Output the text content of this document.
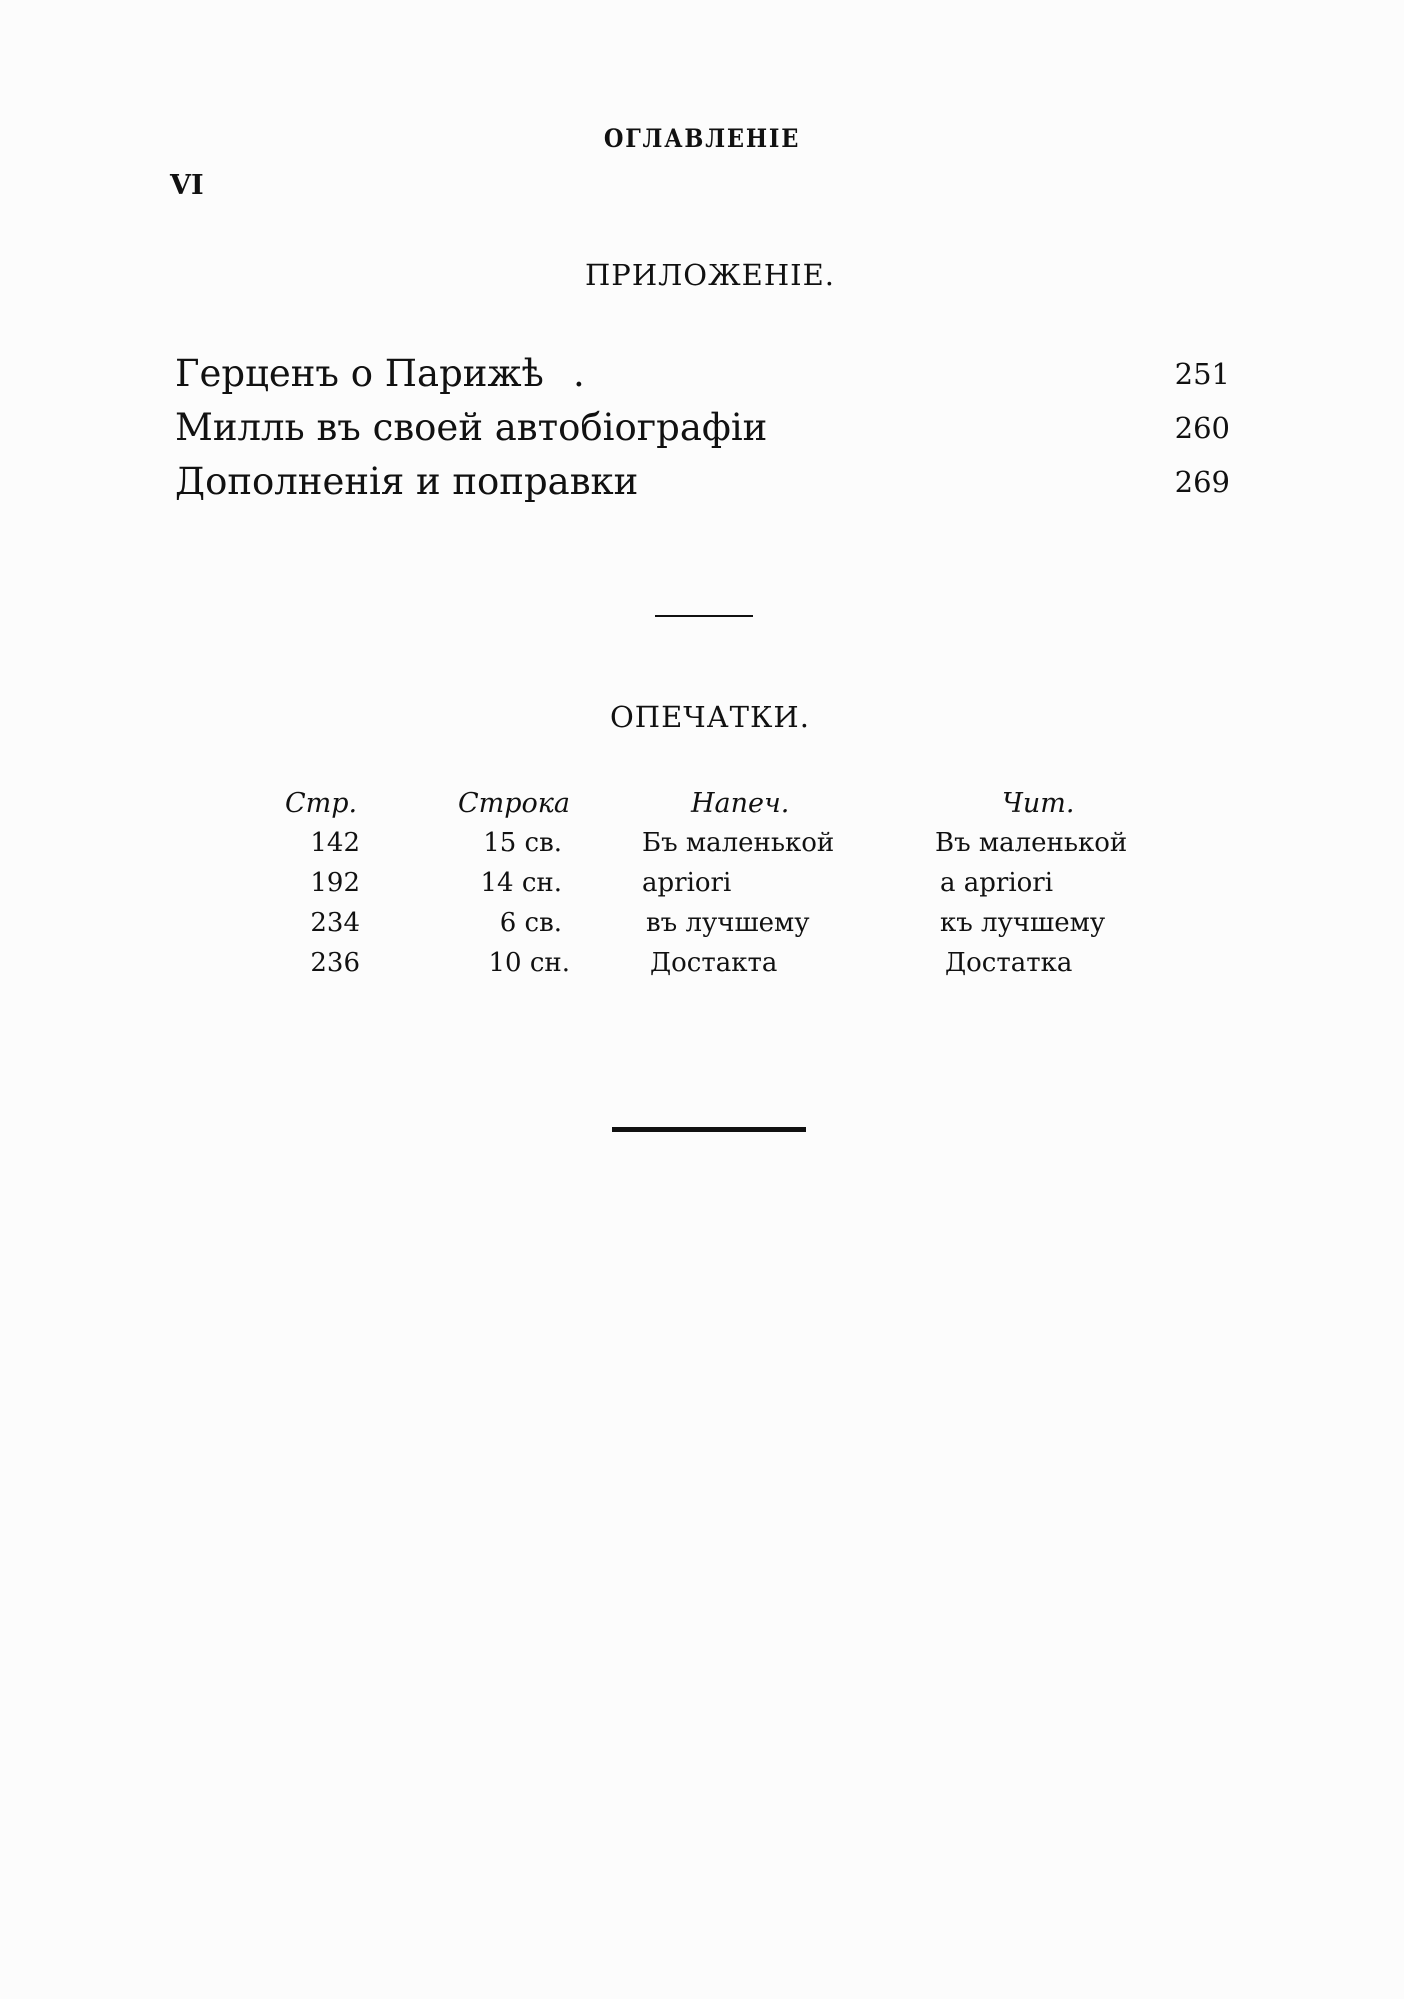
ОГЛАВЛЕНІЕ
VI
ПРИЛОЖЕНІЕ.
Герценъ о Парижѣ .	251
Милль въ своей автобіографіи	260
Дополненія и поправки	269
ОПЕЧАТКИ.
Стр.	Строка	Напеч.	Чит.
142	15 св.	Бъ маленькой	Въ маленькой
192	14 сн.	apriori	a apriori
234	6 св.	въ лучшему	къ лучшему
236	10 сн.	Достакта	Достатка
